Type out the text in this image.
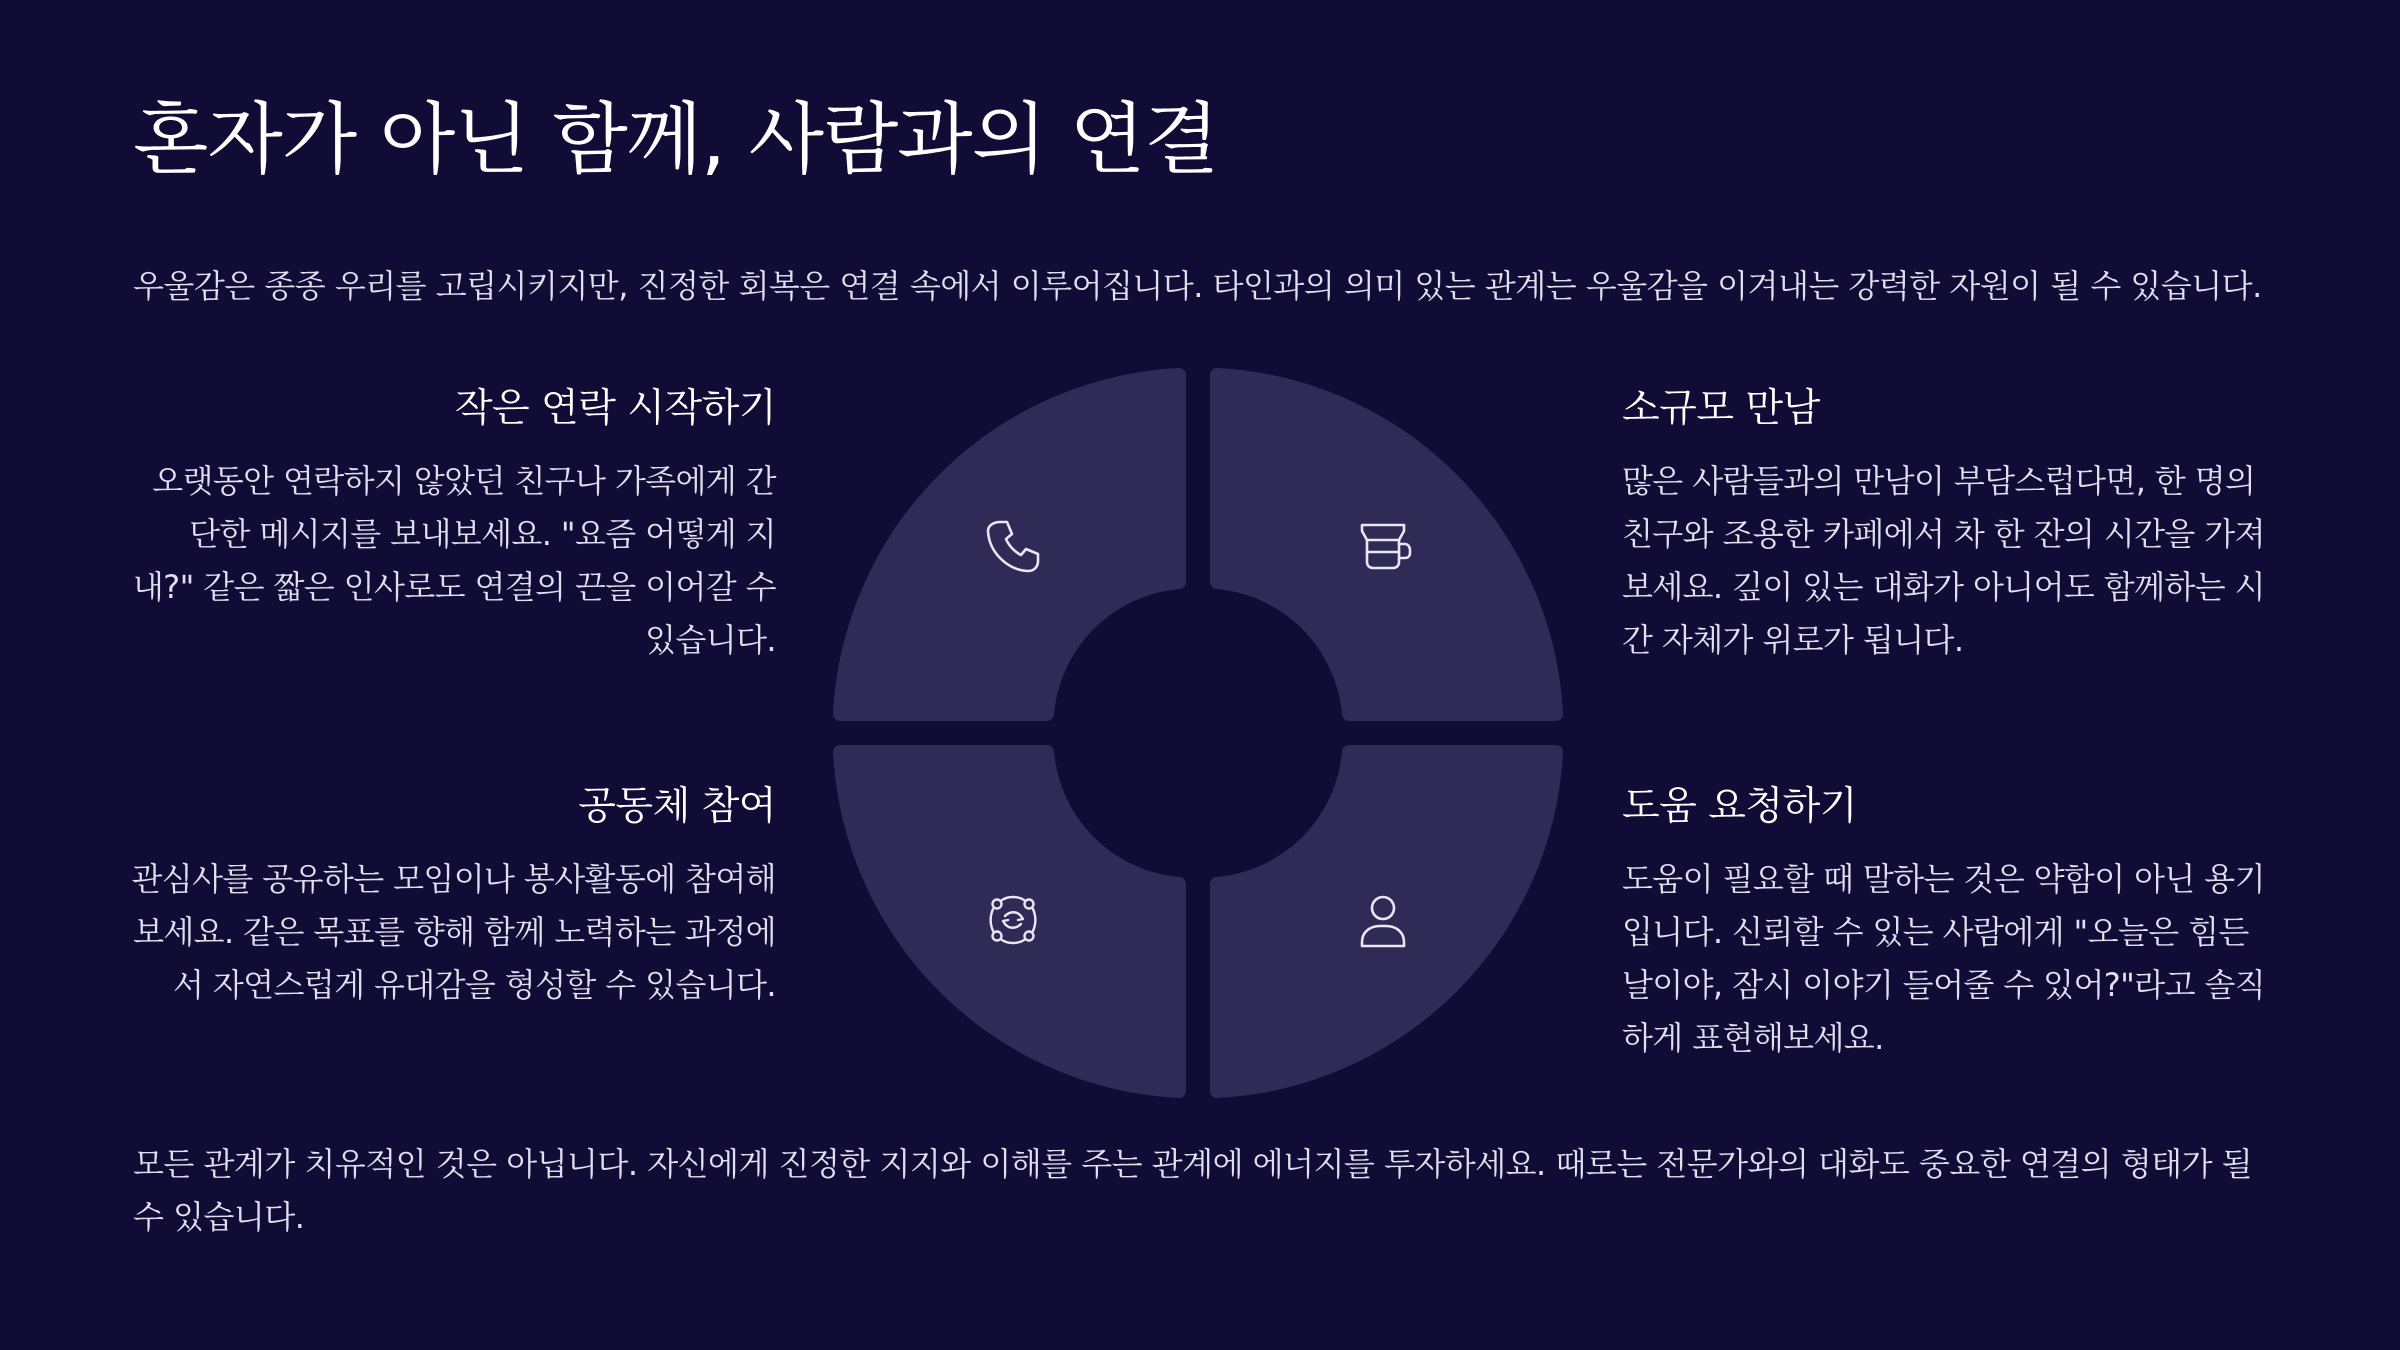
혼자가 아닌 함께, 사람과의 연결

우울감은 종종 우리를 고립시키지만, 진정한 회복은 연결 속에서 이루어집니다. 타인과의 의미 있는 관계는 우울감을 이겨내는 강력한 자원이 될 수 있습니다.

작은 연락 시작하기

오랫동안 연락하지 않았던 친구나 가족에게 간단한 메시지를 보내보세요. "요즘 어떻게 지내?" 같은 짧은 인사로도 연결의 끈을 이어갈 수 있습니다.

소규모 만남

많은 사람들과의 만남이 부담스럽다면, 한 명의 친구와 조용한 카페에서 차 한 잔의 시간을 가져보세요. 깊이 있는 대화가 아니어도 함께하는 시간 자체가 위로가 됩니다.

공동체 참여

관심사를 공유하는 모임이나 봉사활동에 참여해보세요. 같은 목표를 향해 함께 노력하는 과정에서 자연스럽게 유대감을 형성할 수 있습니다.

도움 요청하기

도움이 필요할 때 말하는 것은 약함이 아닌 용기입니다. 신뢰할 수 있는 사람에게 "오늘은 힘든 날이야, 잠시 이야기 들어줄 수 있어?"라고 솔직하게 표현해보세요.

모든 관계가 치유적인 것은 아닙니다. 자신에게 진정한 지지와 이해를 주는 관계에 에너지를 투자하세요. 때로는 전문가와의 대화도 중요한 연결의 형태가 될 수 있습니다.
